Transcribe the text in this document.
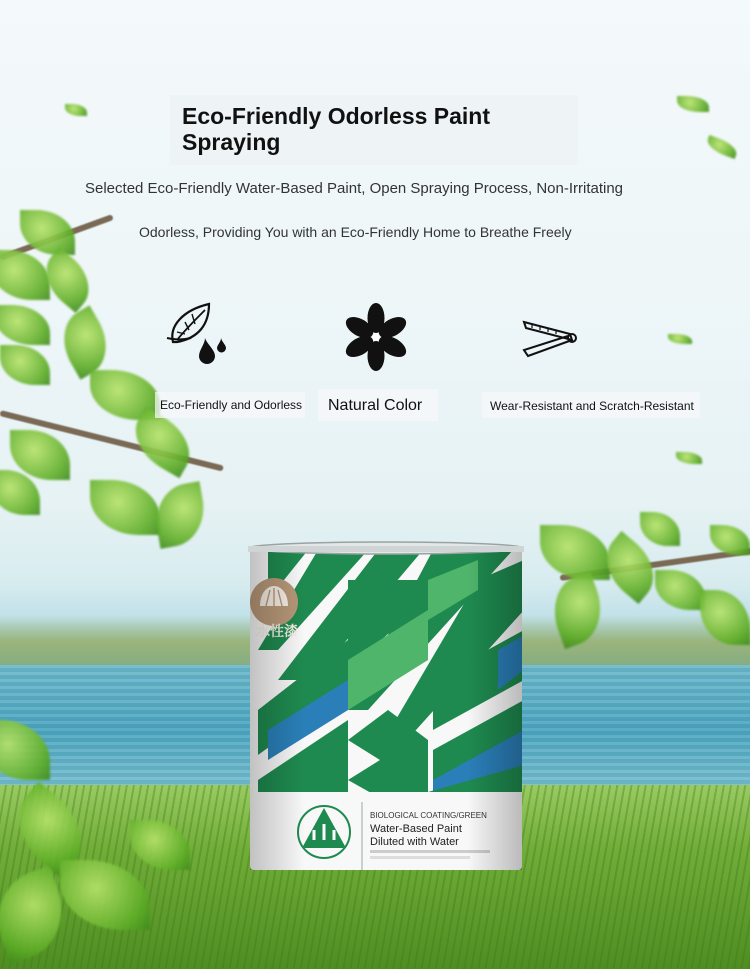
Eco-Friendly Odorless Paint Spraying

Selected Eco-Friendly Water-Based Paint, Open Spraying Process, Non-Irritating

Odorless, Providing You with an Eco-Friendly Home to Breathe Freely

Eco-Friendly and Odorless Natural Color	Wear-Resistant and Scratch-Resistant
